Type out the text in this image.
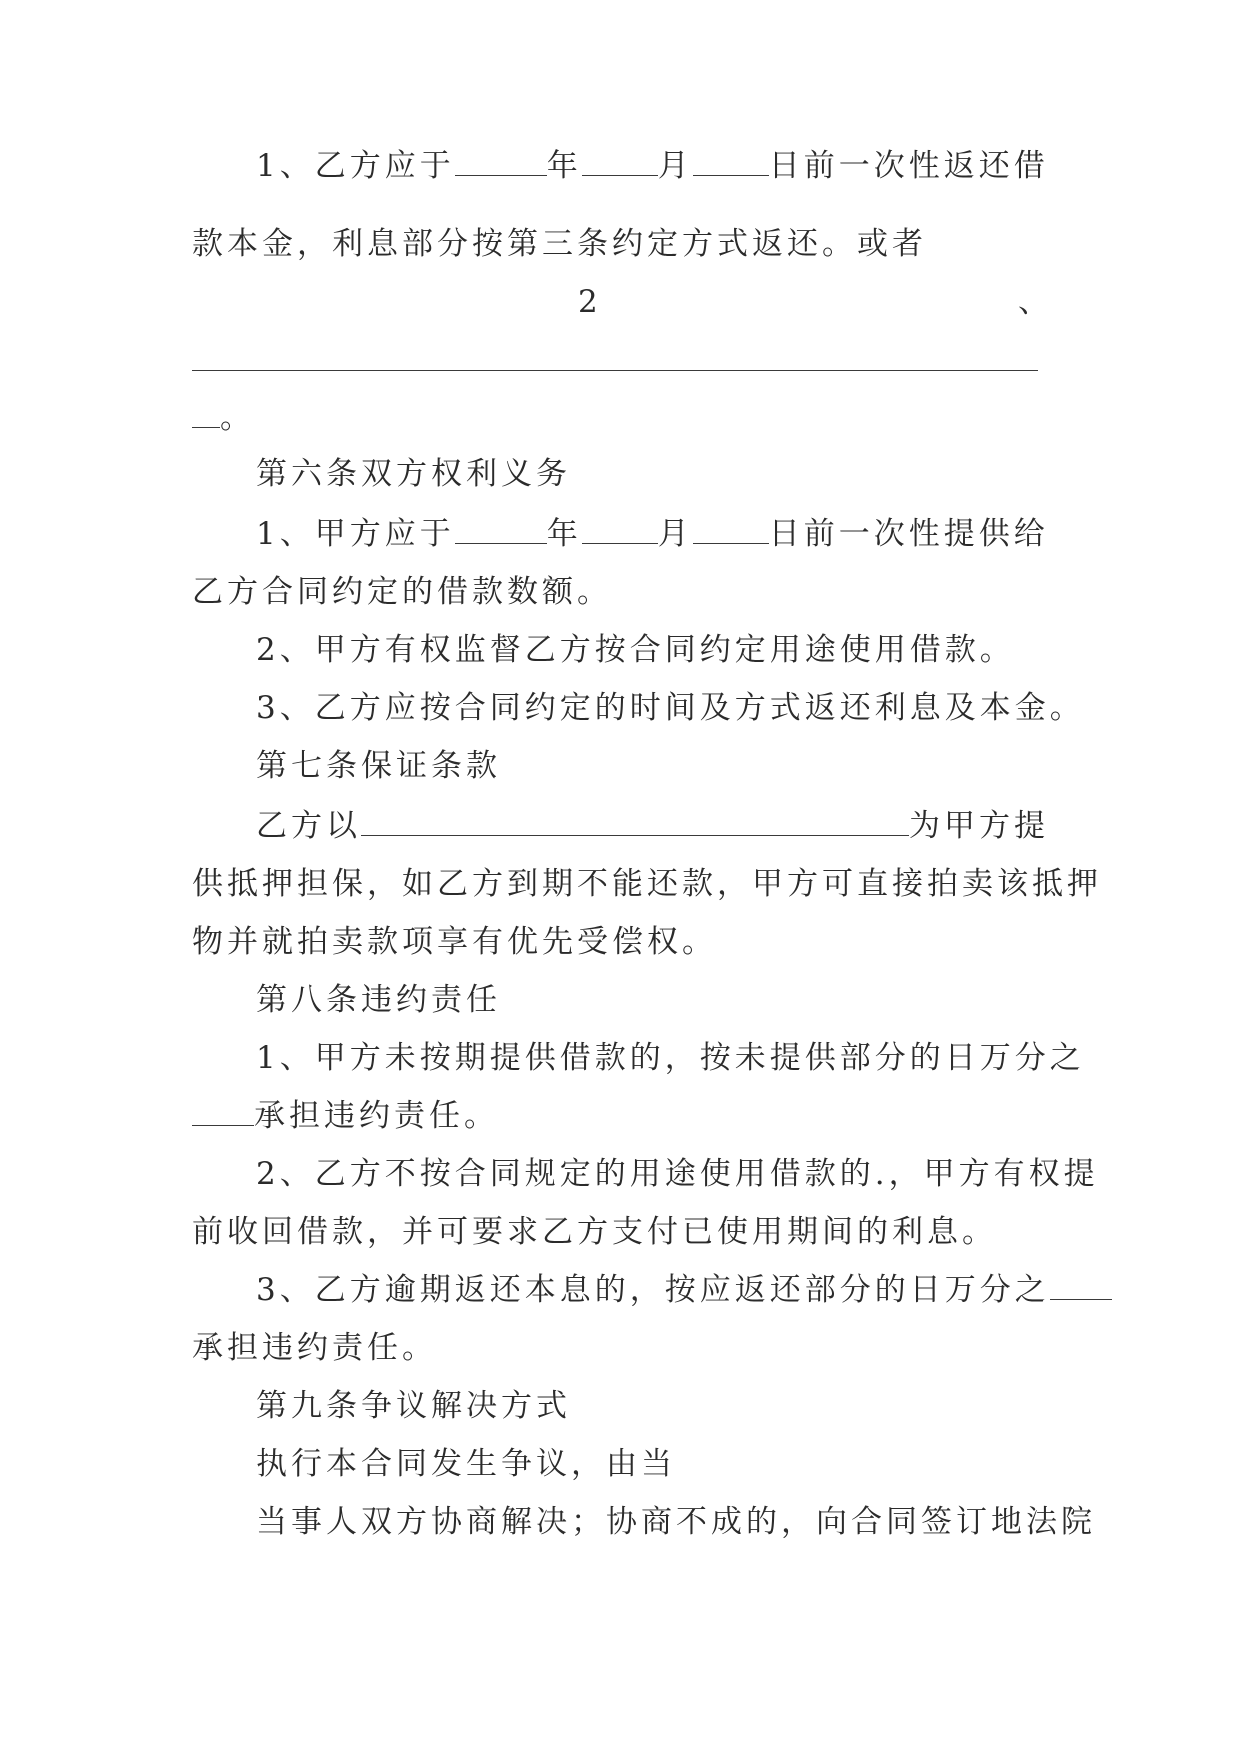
1、乙方应于	年 月 日前一次性返还借
款本金，利息部分按第三条约定方式返还。或者
2	、
。
第六条双方权利义务
1、甲方应于	年 月 日前一次性提供给
乙方合同约定的借款数额。
2、甲方有权监督乙方按合同约定用途使用借款。
3、乙方应按合同约定的时间及方式返还利息及本金。
第七条保证条款
乙方以	为甲方提
供抵押担保，如乙方到期不能还款，甲方可直接拍卖该抵押
物并就拍卖款项享有优先受偿权。
第八条违约责任
1、甲方未按期提供借款的，按未提供部分的日万分之
承担违约责任。
2、乙方不按合同规定的用途使用借款的.，甲方有权提
前收回借款，并可要求乙方支付已使用期间的利息。
3、乙方逾期返还本息的，按应返还部分的日万分之
承担违约责任。
第九条争议解决方式
执行本合同发生争议，由当
当事人双方协商解决；协商不成的，向合同签订地法院
